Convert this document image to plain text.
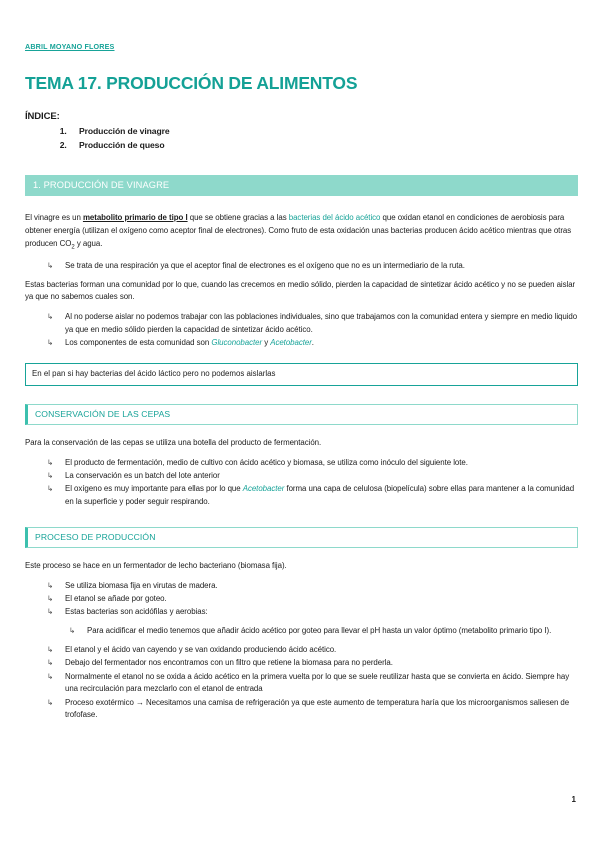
ABRIL MOYANO FLORES
TEMA 17. PRODUCCIÓN DE ALIMENTOS
ÍNDICE:
1. Producción de vinagre
2. Producción de queso
1. PRODUCCIÓN DE VINAGRE

El vinagre es un metabolito primario de tipo I que se obtiene gracias a las bacterias del ácido acético que oxidan etanol en condiciones de aerobiosis para obtener energía (utilizan el oxígeno como aceptor final de electrones). Como fruto de esta oxidación unas bacterias producen ácido acético mientras que otras producen $CO_2$ y agua.

↳ Se trata de una respiración ya que el aceptor final de electrones es el oxígeno que no es un intermediario de la ruta.

Estas bacterias forman una comunidad por lo que, cuando las crecemos en medio sólido, pierden la capacidad de sintetizar ácido acético y no se pueden aislar ya que no sabemos cuales son.

↳ Al no poderse aislar no podemos trabajar con las poblaciones individuales, sino que trabajamos con la comunidad entera y siempre en medio liquido ya que en medio sólido pierden la capacidad de sintetizar ácido acético.
↳ Los componentes de esta comunidad son Gluconobacter y Acetobacter.
En el pan si hay bacterias del ácido láctico pero no podemos aislarlas
CONSERVACIÓN DE LAS CEPAS

Para la conservación de las cepas se utiliza una botella del producto de fermentación.

↳ El producto de fermentación, medio de cultivo con ácido acético y biomasa, se utiliza como inóculo del siguiente lote.
↳ La conservación es un batch del lote anterior
↳ El oxígeno es muy importante para ellas por lo que Acetobacter forma una capa de celulosa (biopelícula) sobre ellas para mantener a la comunidad en la superficie y poder seguir respirando.
PROCESO DE PRODUCCIÓN

Este proceso se hace en un fermentador de lecho bacteriano (biomasa fija).

↳ Se utiliza biomasa fija en virutas de madera.
↳ El etanol se añade por goteo.
↳ Estas bacterias son acidófilas y aerobias:
↳ Para acidificar el medio tenemos que añadir ácido acético por goteo para llevar el pH hasta un valor óptimo (metabolito primario tipo I).
↳ El etanol y el ácido van cayendo y se van oxidando produciendo ácido acético.
↳ Debajo del fermentador nos encontramos con un filtro que retiene la biomasa para no perderla.
↳ Normalmente el etanol no se oxida a ácido acético en la primera vuelta por lo que se suele reutilizar hasta que se convierta en ácido. Siempre hay una recirculación para mezclarlo con el etanol de entrada
↳ Proceso exotérmico → Necesitamos una camisa de refrigeración ya que este aumento de temperatura haría que los microorganismos saliesen de trofofase.
1
